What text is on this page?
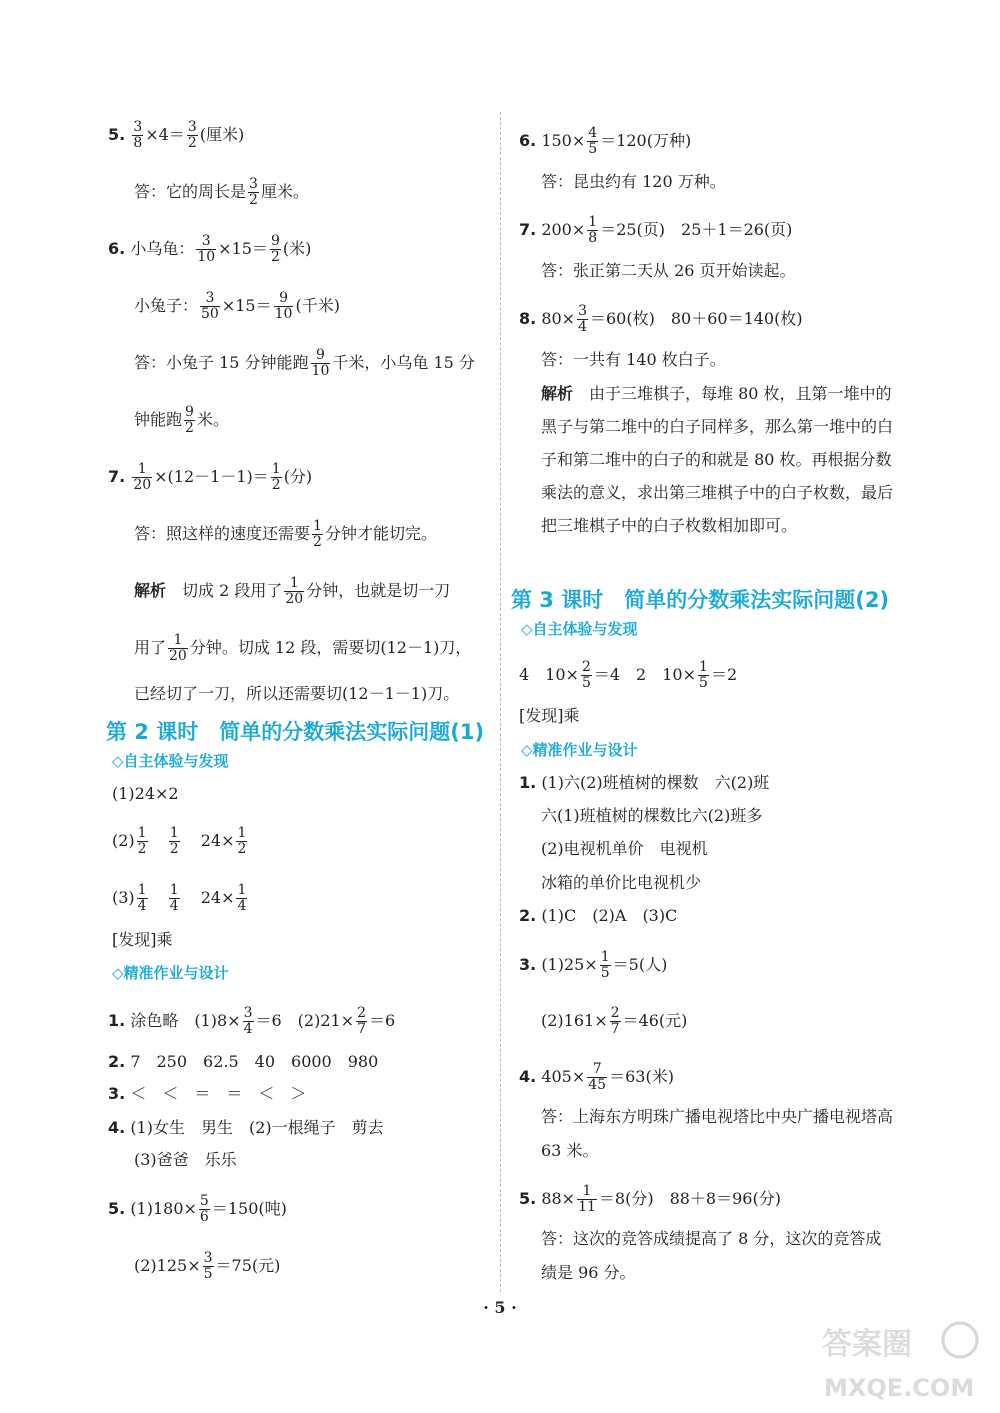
5. $\frac{3}{8} \times 4= \frac{3}{2}$ (厘米)
答：它的周长是 $\frac{3}{2}$ 厘米。
6. 小乌龟： $\frac{3}{10} \times 15= \frac{9}{2}$ (米)
小兔子： $\frac{3}{50} \times 15= \frac{9}{10}$ (千米)
答：小兔子 15 分钟能跑 $\frac{9}{10}$ 千米，小乌龟 15 分
钟能跑 $\frac{9}{2}$ 米。
7. $\frac{1}{20} \times(12-1-1)= \frac{1}{2}$ (分)
答：照这样的速度还需要 $\frac{1}{2}$ 分钟才能切完。
解析 切成 2 段用了 $\frac{1}{20}$ 分钟，也就是切一刀
用了 $\frac{1}{20}$ 分钟。切成 12 段，需要切(12－1)刀，
已经切了一刀，所以还需要切(12－1－1)刀。
第 2 课时　简单的分数乘法实际问题(1)
◇自主体验与发现
(1)24×2
$(2) \frac{1}{2}$
$\frac{1}{2} 24\times \frac{1}{2}$
$(3) \frac{1}{4}$
$\frac{1}{4} 24\times \frac{1}{4}$
[发现]乘
◇精准作业与设计
1. 涂色略　$(1)8\times \frac{3}{4} =6$　$(2)21\times \frac{2}{7} =6$
2. 7　250　62.5　40　6000　980
3. ＜　＜　＝　＝　＜　＞
4. (1)女生　男生　(2)一根绳子　剪去
(3)爸爸　乐乐
5. $(1)180\times \frac{5}{6} =150$(吨)
$(2)125\times \frac{3}{5} =75$(元)
6. $150\times \frac{4}{5} =120$(万种)
答：昆虫约有 120 万种。
7. $200\times \frac{1}{8} =25$(页)　25＋1＝26(页)
答：张正第二天从 26 页开始读起。
8. $80\times \frac{3}{4} =60$(枚)　80＋60＝140(枚)
答：一共有 140 枚白子。
解析 由于三堆棋子，每堆 80 枚，且第一堆中的黑子与第二堆中的白子同样多，那么第一堆中的白子和第二堆中的白子的和就是 80 枚。再根据分数乘法的意义，求出第三堆棋子中的白子枚数，最后把三堆棋子中的白子枚数相加即可。
第 3 课时　简单的分数乘法实际问题(2)
◇自主体验与发现
4　$10\times \frac{2}{5} =4$　2　$10\times \frac{1}{5} =2$
[发现]乘
◇精准作业与设计
1. (1)六(2)班植树的棵数　六(2)班
六(1)班植树的棵数比六(2)班多
(2)电视机单价　电视机
冰箱的单价比电视机少
2. (1)C　(2)A　(3)C
3. $(1)25\times \frac{1}{5} =5$(人)
$(2)161\times \frac{2}{7} =46$(元)
4. $405\times \frac{7}{45} =63$(米)
答：上海东方明珠广播电视塔比中央广播电视塔高 63 米。
5. $88\times \frac{1}{11} =8$(分)　88＋8＝96(分)
答：这次的竞答成绩提高了 8 分，这次的竞答成绩是 96 分。
· 5 ·
答案圈
MXQE.COM
